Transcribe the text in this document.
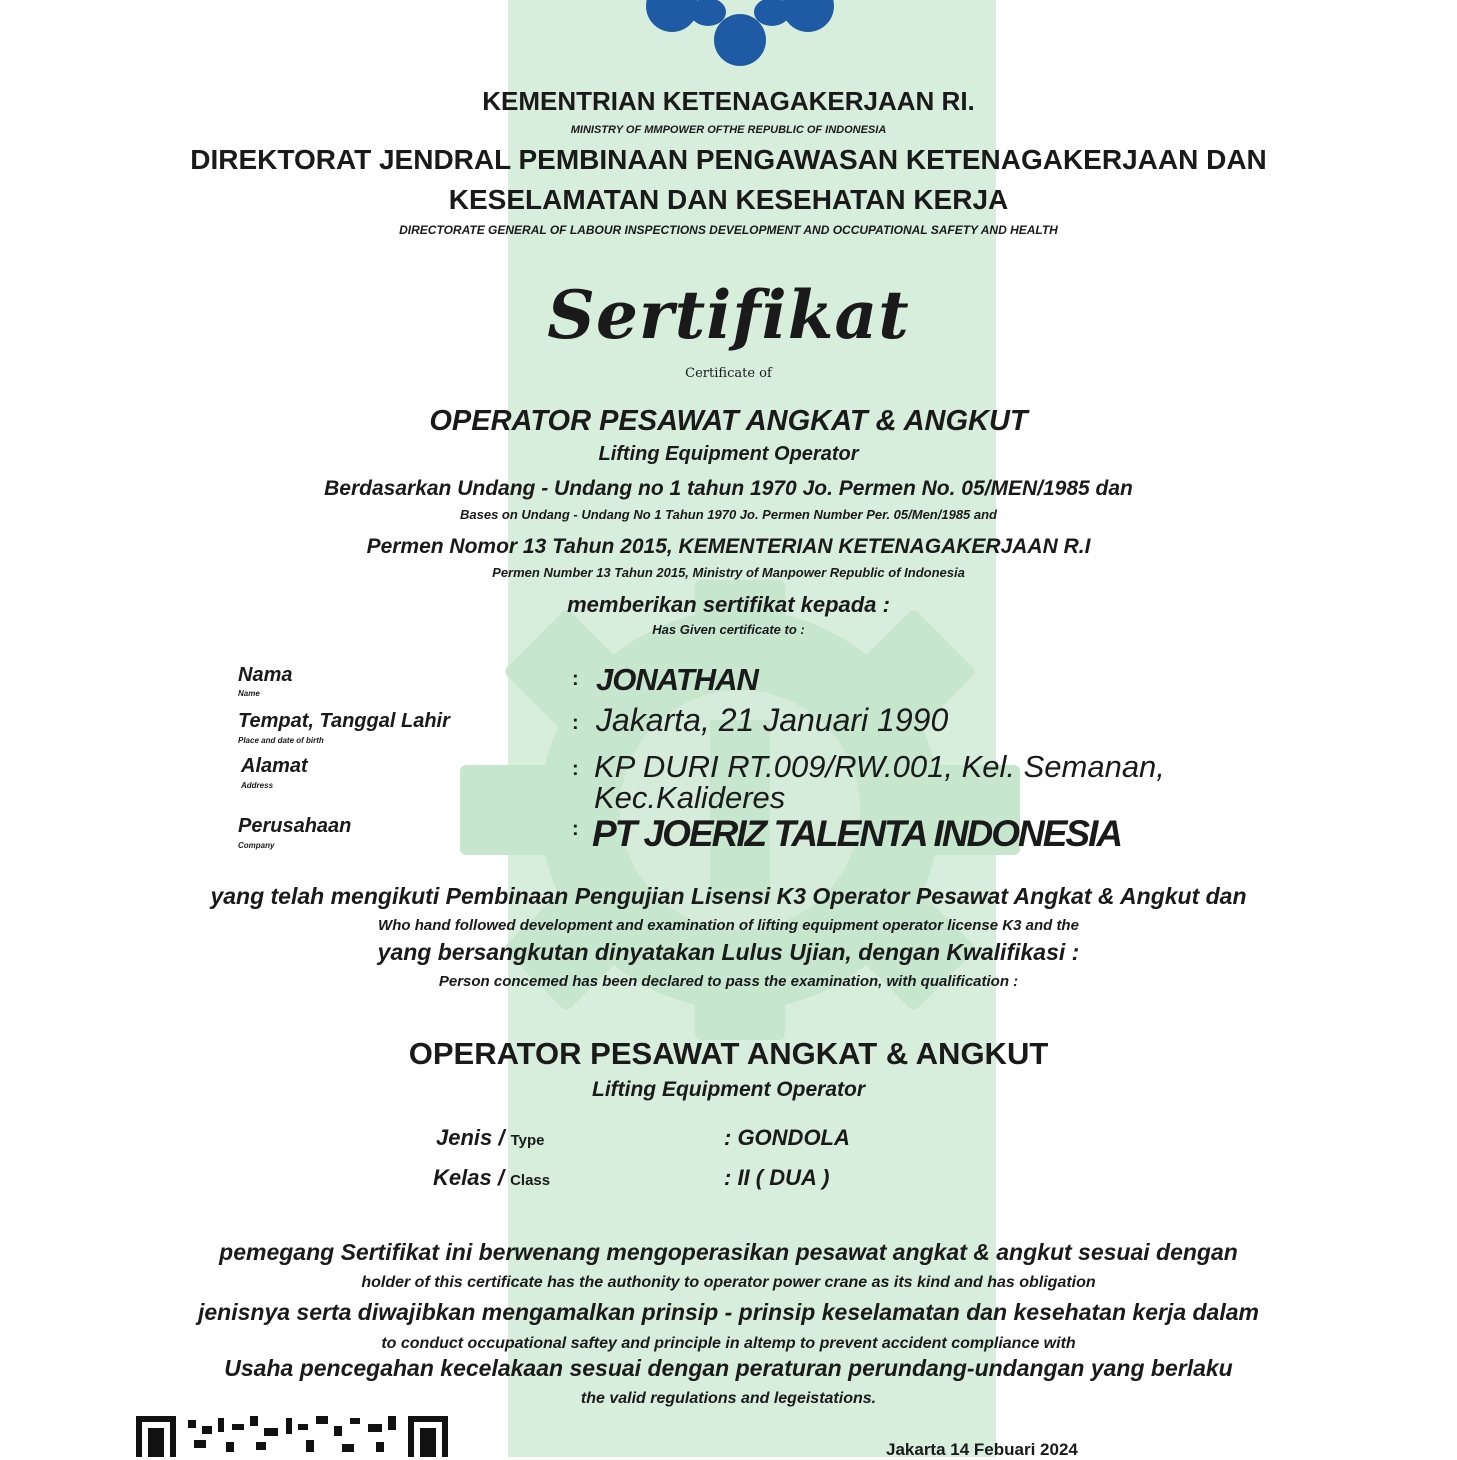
KEMENTRIAN KETENAGAKERJAAN RI.
MINISTRY OF MMPOWER OFTHE REPUBLIC OF INDONESIA
DIREKTORAT JENDRAL PEMBINAAN PENGAWASAN KETENAGAKERJAAN DAN
KESELAMATAN DAN KESEHATAN KERJA
DIRECTORATE GENERAL OF LABOUR INSPECTIONS DEVELOPMENT AND OCCUPATIONAL SAFETY AND HEALTH
Sertifikat
Certificate of
OPERATOR PESAWAT ANGKAT & ANGKUT
Lifting Equipment Operator
Berdasarkan Undang - Undang no 1 tahun 1970 Jo. Permen No. 05/MEN/1985 dan
Bases on Undang - Undang No 1 Tahun 1970 Jo. Permen Number Per. 05/Men/1985 and
Permen Nomor 13 Tahun 2015, KEMENTERIAN KETENAGAKERJAAN R.I
Permen Number 13 Tahun 2015, Ministry of Manpower Republic of Indonesia
memberikan sertifikat kepada :
Has Given certificate to :
Nama
Name
: JONATHAN
Tempat, Tanggal Lahir
Place and date of birth
: Jakarta, 21 Januari 1990
Alamat
Address
: KP DURI RT.009/RW.001, Kel. Semanan,
Kec.Kalideres
Perusahaan
Company
: PT JOERIZ TALENTA INDONESIA
yang telah mengikuti Pembinaan Pengujian Lisensi K3 Operator Pesawat Angkat & Angkut dan
Who hand followed development and examination of lifting equipment operator license K3 and the
yang bersangkutan dinyatakan Lulus Ujian, dengan Kwalifikasi :
Person concemed has been declared to pass the examination, with qualification :
OPERATOR PESAWAT ANGKAT & ANGKUT
Lifting Equipment Operator
Jenis / Type	: GONDOLA
Kelas / Class	: II ( DUA )
pemegang Sertifikat ini berwenang mengoperasikan pesawat angkat & angkut sesuai dengan
holder of this certificate has the authonity to operator power crane as its kind and has obligation
jenisnya serta diwajibkan mengamalkan prinsip - prinsip keselamatan dan kesehatan kerja dalam
to conduct occupational saftey and principle in altemp to prevent accident compliance with
Usaha pencegahan kecelakaan sesuai dengan peraturan perundang-undangan yang berlaku
the valid regulations and legeistations.
Jakarta 14 Febuari 2024
